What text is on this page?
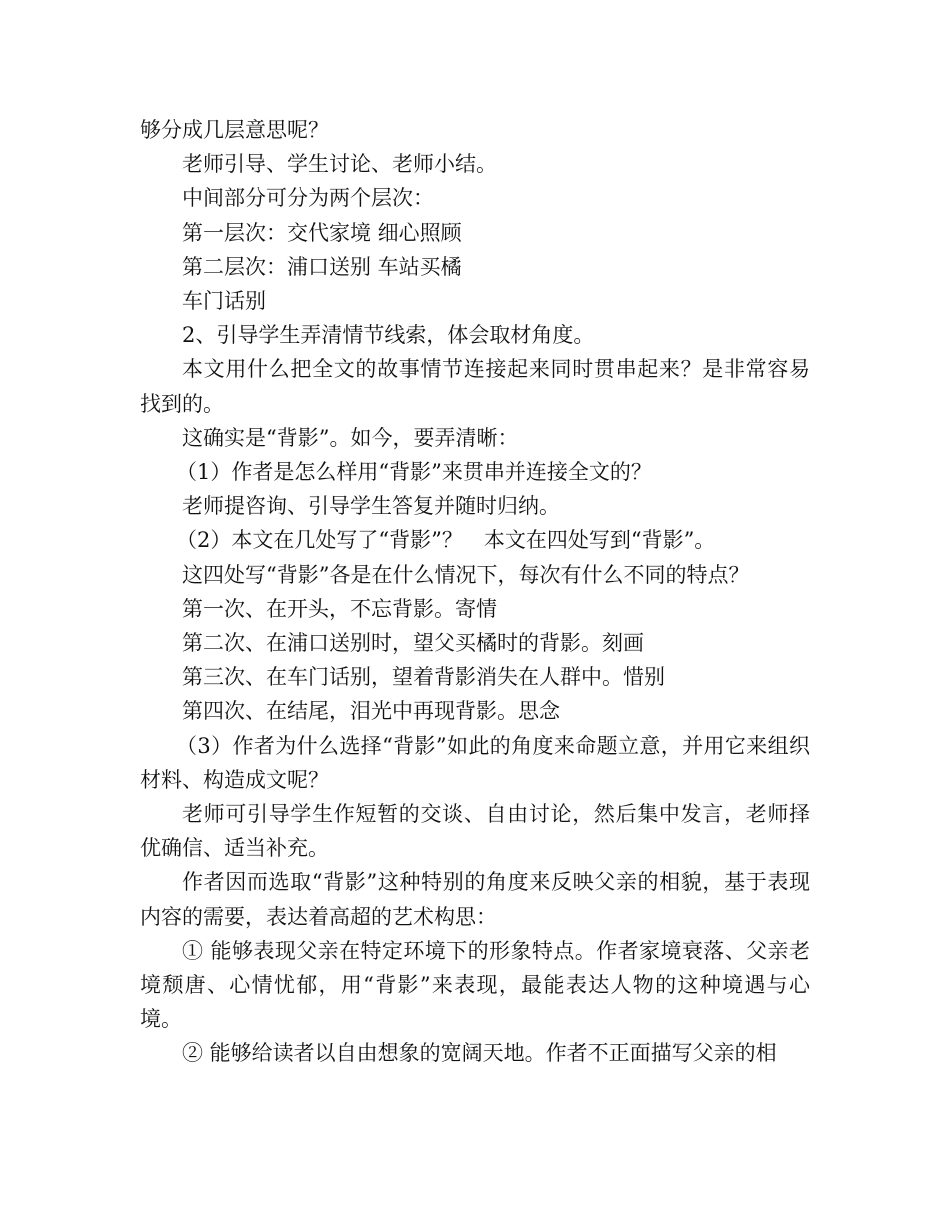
够分成几层意思呢？

老师引导、学生讨论、老师小结。

中间部分可分为两个层次：

第一层次：交代家境 细心照顾

第二层次：浦口送别 车站买橘

车门话别

2、引导学生弄清情节线索，体会取材角度。

本文用什么把全文的故事情节连接起来同时贯串起来？是非常容易找到的。

这确实是“背影”。如今，要弄清晰：

（1）作者是怎么样用“背影”来贯串并连接全文的？

老师提咨询、引导学生答复并随时归纳。

（2）本文在几处写了“背影”？　本文在四处写到“背影”。

这四处写“背影”各是在什么情况下，每次有什么不同的特点？

第一次、在开头，不忘背影。寄情

第二次、在浦口送别时，望父买橘时的背影。刻画

第三次、在车门话别，望着背影消失在人群中。惜别

第四次、在结尾，泪光中再现背影。思念

（3）作者为什么选择“背影”如此的角度来命题立意，并用它来组织材料、构造成文呢？

老师可引导学生作短暂的交谈、自由讨论，然后集中发言，老师择优确信、适当补充。

作者因而选取“背影”这种特别的角度来反映父亲的相貌，基于表现内容的需要，表达着高超的艺术构思：

① 能够表现父亲在特定环境下的形象特点。作者家境衰落、父亲老境颓唐、心情忧郁，用“背影”来表现，最能表达人物的这种境遇与心境。

② 能够给读者以自由想象的宽阔天地。作者不正面描写父亲的相
